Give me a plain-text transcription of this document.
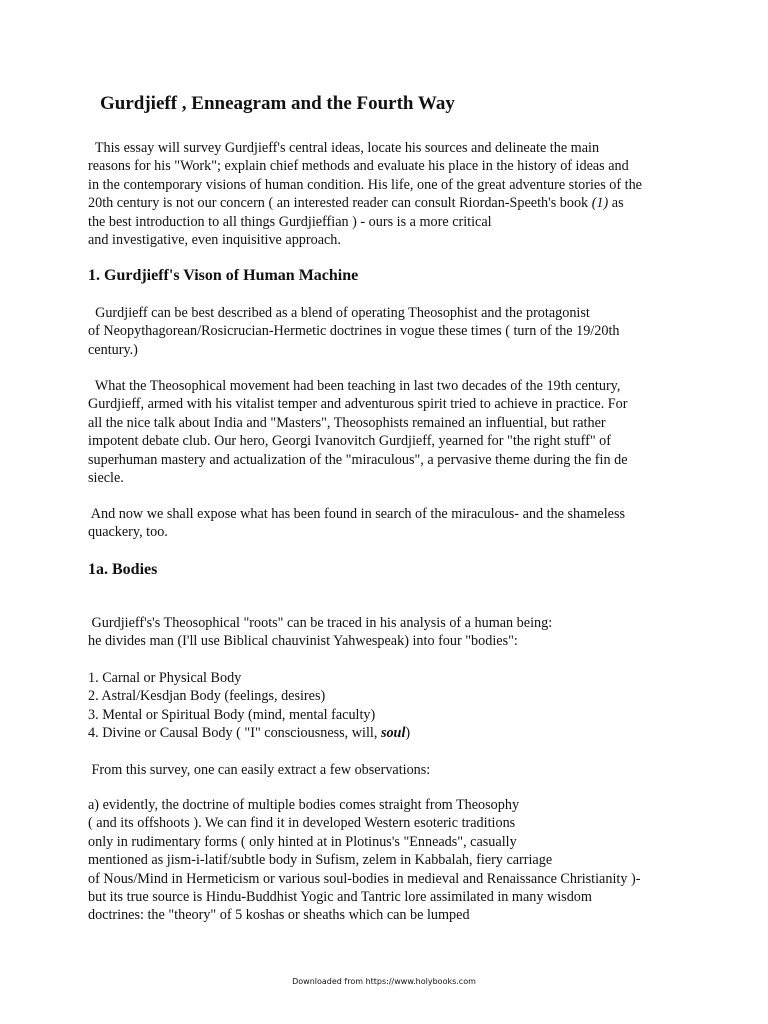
Gurdjieff , Enneagram and the Fourth Way
This essay will survey Gurdjieff's central ideas, locate his sources and delineate the main
reasons for his "Work"; explain chief methods and evaluate his place in the history of ideas and
in the contemporary visions of human condition. His life, one of the great adventure stories of the
20th century is not our concern ( an interested reader can consult Riordan-Speeth's book (1) as
the best introduction to all things Gurdjieffian ) - ours is a more critical
and investigative, even inquisitive approach.
1. Gurdjieff's Vison of Human Machine
Gurdjieff can be best described as a blend of operating Theosophist and the protagonist
of Neopythagorean/Rosicrucian-Hermetic doctrines in vogue these times ( turn of the 19/20th
century.)
What the Theosophical movement had been teaching in last two decades of the 19th century,
Gurdjieff, armed with his vitalist temper and adventurous spirit tried to achieve in practice. For
all the nice talk about India and "Masters", Theosophists remained an influential, but rather
impotent debate club. Our hero, Georgi Ivanovitch Gurdjieff, yearned for "the right stuff" of
superhuman mastery and actualization of the "miraculous", a pervasive theme during the fin de
siecle.
And now we shall expose what has been found in search of the miraculous- and the shameless
quackery, too.
1a. Bodies
Gurdjieff's's Theosophical "roots" can be traced in his analysis of a human being:
he divides man (I'll use Biblical chauvinist Yahwespeak) into four "bodies":
1. Carnal or Physical Body
2. Astral/Kesdjan Body (feelings, desires)
3. Mental or Spiritual Body (mind, mental faculty)
4. Divine or Causal Body ( "I" consciousness, will, soul)
From this survey, one can easily extract a few observations:
a) evidently, the doctrine of multiple bodies comes straight from Theosophy
( and its offshoots ). We can find it in developed Western esoteric traditions
only in rudimentary forms ( only hinted at in Plotinus's "Enneads", casually
mentioned as jism-i-latif/subtle body in Sufism, zelem in Kabbalah, fiery carriage
of Nous/Mind in Hermeticism or various soul-bodies in medieval and Renaissance Christianity )-
but its true source is Hindu-Buddhist Yogic and Tantric lore assimilated in many wisdom
doctrines: the "theory" of 5 koshas or sheaths which can be lumped
Downloaded from https://www.holybooks.com
